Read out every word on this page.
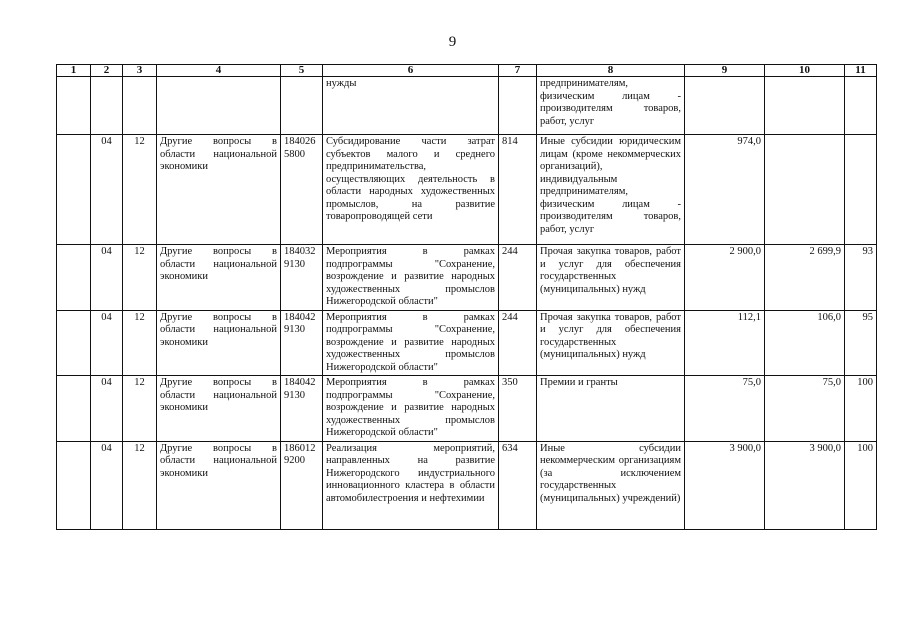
9
1	2	3	4	5	6	7	8	9	10	11
					нужды		предпринимателям, физическим лицам - производителям товаров, работ, услуг			
	04	12	Другие вопросы в области национальной экономики	1840265800	Субсидирование части затрат субъектов малого и среднего предпринимательства, осуществляющих деятельность в области народных художественных промыслов, на развитие товаропроводящей сети	814	Иные субсидии юридическим лицам (кроме некоммерческих организаций), индивидуальным предпринимателям, физическим лицам - производителям товаров, работ, услуг	974,0		
	04	12	Другие вопросы в области национальной экономики	1840329130	Мероприятия в рамках подпрограммы "Сохранение, возрождение и развитие народных художественных промыслов Нижегородской области"	244	Прочая закупка товаров, работ и услуг для обеспечения государственных (муниципальных) нужд	2 900,0	2 699,9	93
	04	12	Другие вопросы в области национальной экономики	1840429130	Мероприятия в рамках подпрограммы "Сохранение, возрождение и развитие народных художественных промыслов Нижегородской области"	244	Прочая закупка товаров, работ и услуг для обеспечения государственных (муниципальных) нужд	112,1	106,0	95
	04	12	Другие вопросы в области национальной экономики	1840429130	Мероприятия в рамках подпрограммы "Сохранение, возрождение и развитие народных художественных промыслов Нижегородской области"	350	Премии и гранты	75,0	75,0	100
	04	12	Другие вопросы в области национальной экономики	1860129200	Реализация мероприятий, направленных на развитие Нижегородского индустриального инновационного кластера в области автомобилестроения и нефтехимии	634	Иные субсидии некоммерческим организациям (за исключением государственных (муниципальных) учреждений)	3 900,0	3 900,0	100
